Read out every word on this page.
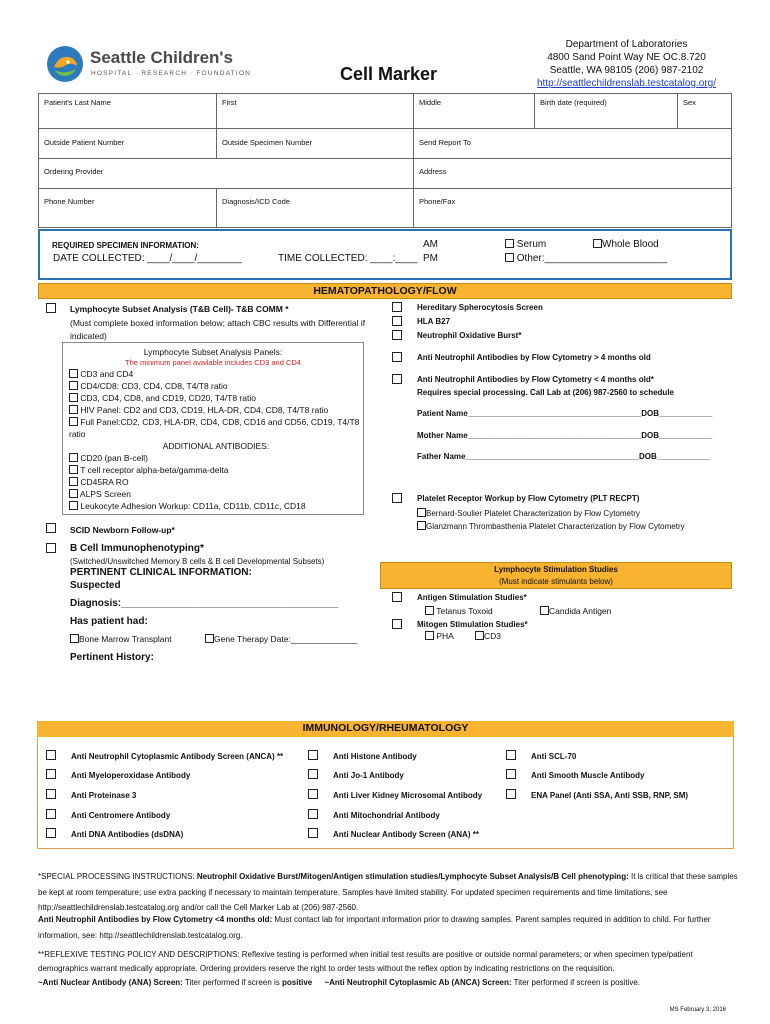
Seattle Children's
HOSPITAL · RESEARCH · FOUNDATION	Cell Marker
Department of Laboratories
4800 Sand Point Way NE OC.8.720
Seattle, WA 98105 (206) 987-2102
http://seattlechildrenslab.testcatalog.org/
Patient's Last Name	First	Middle	Birth date (required)	Sex
Outside Patient Number	Outside Specimen Number	Send Report To
Ordering Provider	Address
Phone Number	Diagnosis/ICD Code	Phone/Fax
REQUIRED SPECIMEN INFORMATION:
DATE COLLECTED: ____/____/________	TIME COLLECTED: ____:____
AM
PM
Serum	Whole Blood
Other:______________________
HEMATOPATHOLOGY/FLOW
Lymphocyte Subset Analysis (T&B Cell)- T&B COMM *
(Must complete boxed information below; attach CBC results with Differential if
indicated)
Lymphocyte Subset Analysis Panels:
The minimum panel available includes CD3 and CD4
CD3 and CD4
CD4/CD8: CD3, CD4, CD8, T4/T8 ratio
CD3, CD4, CD8, and CD19, CD20, T4/T8 ratio
HIV Panel: CD2 and CD3, CD19, HLA-DR, CD4, CD8, T4/T8 ratio
Full Panel:CD2, CD3, HLA-DR, CD4, CD8, CD16 and CD56, CD19, T4/T8
ratio
ADDITIONAL ANTIBODIES:
CD20 (pan B-cell)
T cell receptor alpha-beta/gamma-delta
CD45RA RO
ALPS Screen
Leukocyte Adhesion Workup: CD11a, CD11b, CD11c, CD18
SCID Newborn Follow-up*
B Cell Immunophenotyping*
(Switched/Unswitched Memory B cells & B cell Developmental Subsets)
PERTINENT CLINICAL INFORMATION:
Suspected
Diagnosis:_______________________________________
Has patient had:
Bone Marrow Transplant	Gene Therapy Date:______________
Pertinent History:
Hereditary Spherocytosis Screen
HLA B27
Neutrophil Oxidative Burst*
Anti Neutrophil Antibodies by Flow Cytometry > 4 months old
Anti Neutrophil Antibodies by Flow Cytometry < 4 months old*
Requires special processing. Call Lab at (206) 987-2560 to schedule
Patient Name_______________________________________DOB____________
Mother Name_______________________________________DOB____________
Father Name_______________________________________DOB____________
Platelet Receptor Workup by Flow Cytometry (PLT RECPT)
Bernard-Soulier Platelet Characterization by Flow Cytometry
Glanzmann Thrombasthenia Platelet Characterization by Flow Cytometry
Lymphocyte Stimulation Studies
(Must indicate stimulants below)
Antigen Stimulation Studies*
Tetanus Toxoid	Candida Antigen
Mitogen Stimulation Studies*
PHA	CD3
IMMUNOLOGY/RHEUMATOLOGY
Anti Neutrophil Cytoplasmic Antibody Screen (ANCA) **
Anti Myeloperoxidase Antibody
Anti Proteinase 3
Anti Centromere Antibody
Anti DNA Antibodies (dsDNA)
Anti Histone Antibody
Anti Jo-1 Antibody
Anti Liver Kidney Microsomal Antibody
Anti Mitochondrial Antibody
Anti Nuclear Antibody Screen (ANA) **
Anti SCL-70
Anti Smooth Muscle Antibody
ENA Panel (Anti SSA, Anti SSB, RNP, SM)
*SPECIAL PROCESSING INSTRUCTIONS: Neutrophil Oxidative Burst/Mitogen/Antigen stimulation studies/Lymphocyte Subset Analysis/B Cell phenotyping: It is critical that these samples be kept at room temperature; use extra packing if necessary to maintain temperature. Samples have limited stability. For updated specimen requirements and time limitations, see http://seattlechildrenslab.testcatalog.org and/or call the Cell Marker Lab at (206) 987-2560.
Anti Neutrophil Antibodies by Flow Cytometry <4 months old: Must contact lab for important information prior to drawing samples. Parent samples required in addition to child. For further information, see: http://seattlechildrenslab.testcatalog.org.
**REFLEXIVE TESTING POLICY AND DESCRIPTIONS: Reflexive testing is performed when initial test results are positive or outside normal parameters; or when specimen type/patient demographics warrant medically appropriate. Ordering providers reserve the right to order tests without the reflex option by indicating restrictions on the requisition.
~Anti Nuclear Antibody (ANA) Screen: Titer performed if screen is positive ~Anti Neutrophil Cytoplasmic Ab (ANCA) Screen: Titer performed if screen is positive.
MS February 3, 2016
